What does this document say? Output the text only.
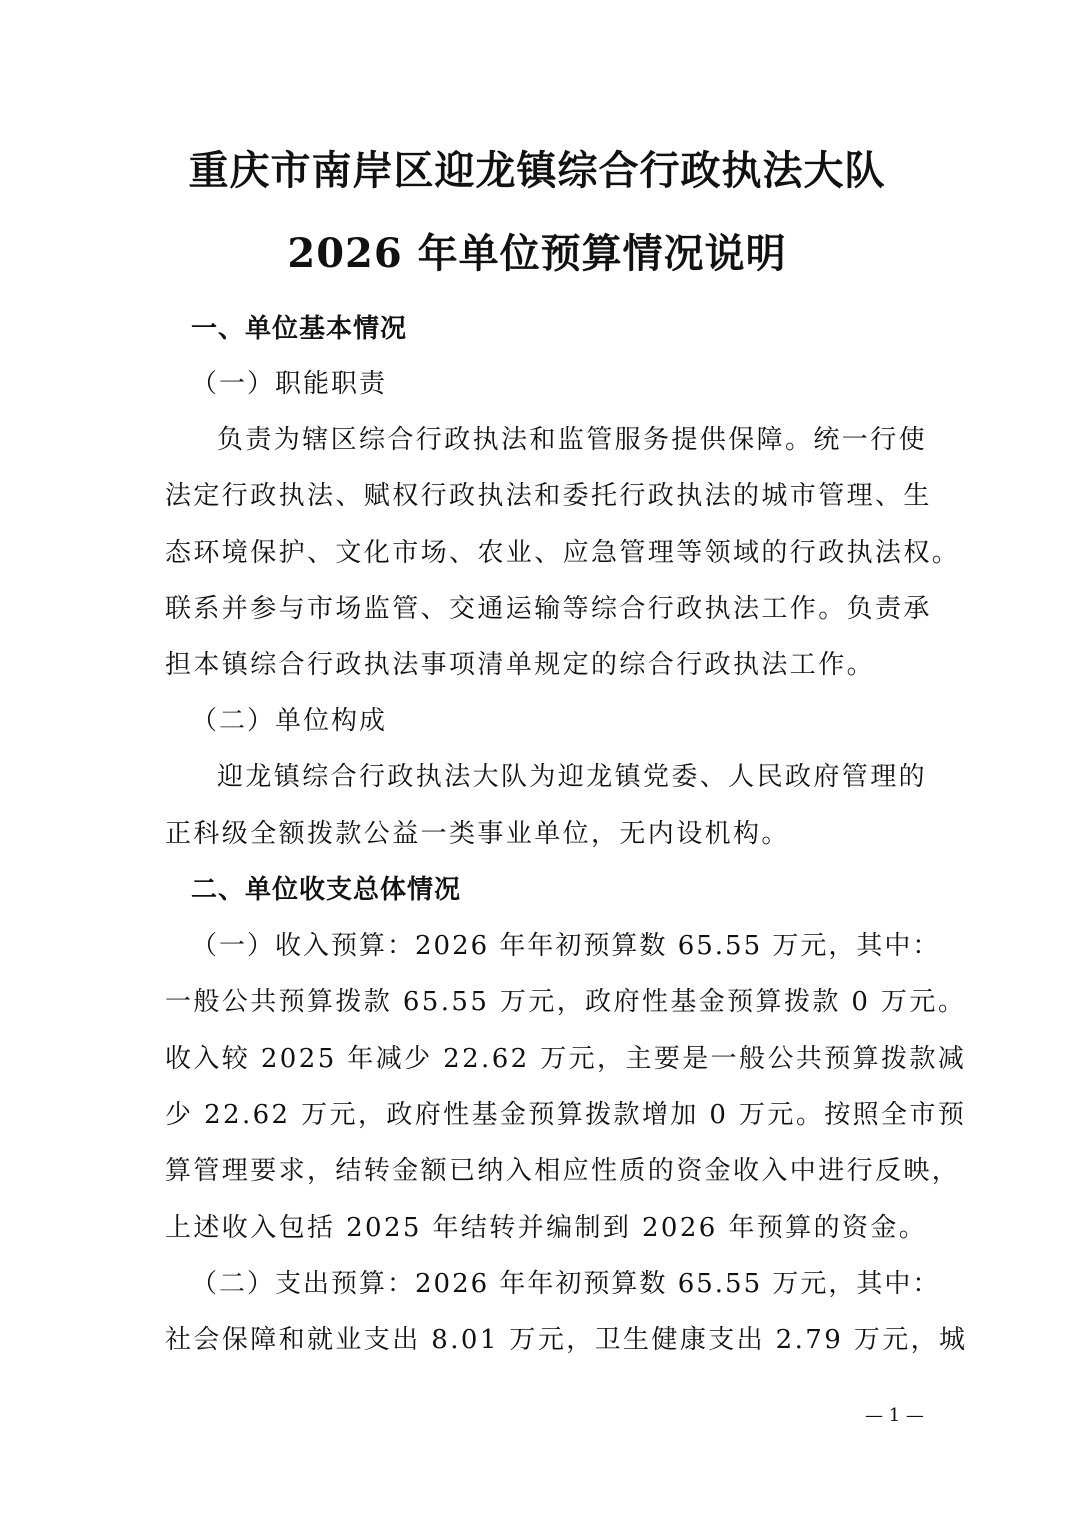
重庆市南岸区迎龙镇综合行政执法大队
2026 年单位预算情况说明
一、单位基本情况
（一）职能职责
负责为辖区综合行政执法和监管服务提供保障。统一行使
法定行政执法、赋权行政执法和委托行政执法的城市管理、生
态环境保护、文化市场、农业、应急管理等领域的行政执法权。
联系并参与市场监管、交通运输等综合行政执法工作。负责承
担本镇综合行政执法事项清单规定的综合行政执法工作。
（二）单位构成
迎龙镇综合行政执法大队为迎龙镇党委、人民政府管理的
正科级全额拨款公益一类事业单位，无内设机构。
二、单位收支总体情况
（一）收入预算：2026 年年初预算数 65.55 万元，其中：
一般公共预算拨款 65.55 万元，政府性基金预算拨款 0 万元。
收入较 2025 年减少 22.62 万元，主要是一般公共预算拨款减
少 22.62 万元，政府性基金预算拨款增加 0 万元。按照全市预
算管理要求，结转金额已纳入相应性质的资金收入中进行反映，
上述收入包括 2025 年结转并编制到 2026 年预算的资金。
（二）支出预算：2026 年年初预算数 65.55 万元，其中：
社会保障和就业支出 8.01 万元，卫生健康支出 2.79 万元，城
— 1 —
